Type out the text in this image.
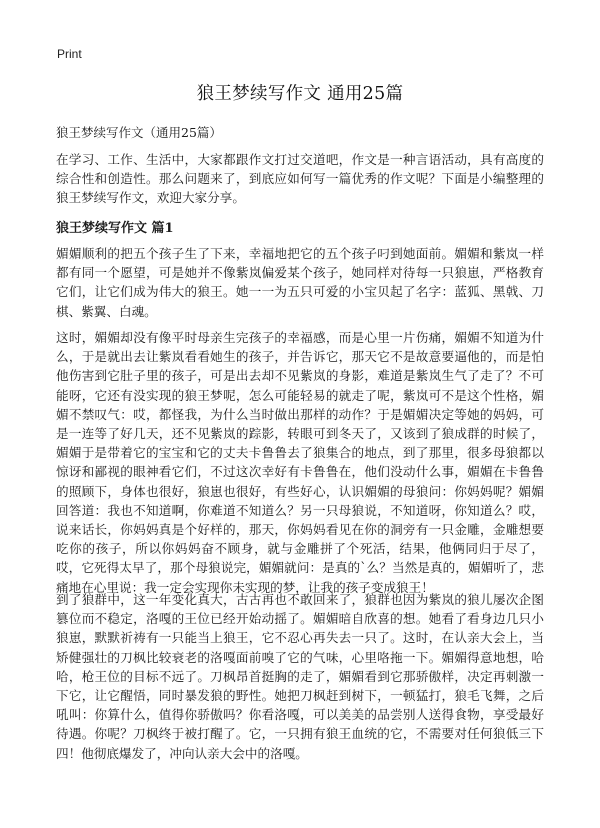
Print
狼王梦续写作文 通用25篇
狼王梦续写作文（通用25篇）

在学习、工作、生活中，大家都跟作文打过交道吧，作文是一种言语活动，具有高度的综合性和创造性。那么问题来了，到底应如何写一篇优秀的作文呢？下面是小编整理的狼王梦续写作文，欢迎大家分享。

狼王梦续写作文 篇1

媚媚顺利的把五个孩子生了下来，幸福地把它的五个孩子叼到她面前。媚媚和紫岚一样都有同一个愿望，可是她并不像紫岚偏爱某个孩子，她同样对待每一只狼崽，严格教育它们，让它们成为伟大的狼王。她一一为五只可爱的小宝贝起了名字：蓝狐、黑戟、刀棋、紫翼、白魂。

这时，媚媚却没有像平时母亲生完孩子的幸福感，而是心里一片伤痛，媚媚不知道为什么，于是就出去让紫岚看看她生的孩子，并告诉它，那天它不是故意要逼他的，而是怕他伤害到它肚子里的孩子，可是出去却不见紫岚的身影，难道是紫岚生气了走了？不可能呀，它还有没实现的狼王梦呢，怎么可能轻易的就走了呢，紫岚可不是这个性格，媚媚不禁叹气：哎，都怪我，为什么当时做出那样的动作？于是媚媚决定等她的妈妈，可是一连等了好几天，还不见紫岚的踪影，转眼可到冬天了，又该到了狼成群的时候了，媚媚于是带着它的宝宝和它的丈夫卡鲁鲁去了狼集合的地点，到了那里，很多母狼都以惊讶和鄙视的眼神看它们，不过这次幸好有卡鲁鲁在，他们没动什么事，媚媚在卡鲁鲁的照顾下，身体也很好，狼崽也很好，有些好心，认识媚媚的母狼问：你妈妈呢？媚媚回答道：我也不知道啊，你难道不知道么？另一只母狼说，不知道呀，你知道么？哎，说来话长，你妈妈真是个好样的，那天，你妈妈看见在你的洞旁有一只金雕，金雕想要吃你的孩子，所以你妈妈奋不顾身，就与金雕拼了个死活，结果，他俩同归于尽了，哎，它死得太早了，那个母狼说完，媚媚就问：是真的`么？当然是真的，媚媚听了，悲痛地在心里说：我一定会实现你未实现的梦，让我的孩子变成狼王！

到了狼群中，这一年变化真大，古古再也不敢回来了，狼群也因为紫岚的狼儿屡次企图篡位而不稳定，洛嘎的王位已经开始动摇了。媚媚暗自欣喜的想。她看了看身边几只小狼崽，默默祈祷有一只能当上狼王，它不忍心再失去一只了。这时，在认亲大会上，当矫健强壮的刀枫比较衰老的洛嘎面前嗅了它的气味，心里咯拖一下。媚媚得意地想，哈哈，枪王位的目标不远了。刀枫昂首挺胸的走了，媚媚看到它那骄傲样，决定再刺激一下它，让它醒悟，同时暴发狼的野性。她把刀枫赶到树下，一顿猛打，狼毛飞舞，之后吼叫：你算什么，值得你骄傲吗？你看洛嘎，可以美美的品尝别人送得食物，享受最好待遇。你呢？刀枫终于被打醒了。它，一只拥有狼王血统的它，不需要对任何狼低三下四！他彻底爆发了，冲向认亲大会中的洛嘎。
